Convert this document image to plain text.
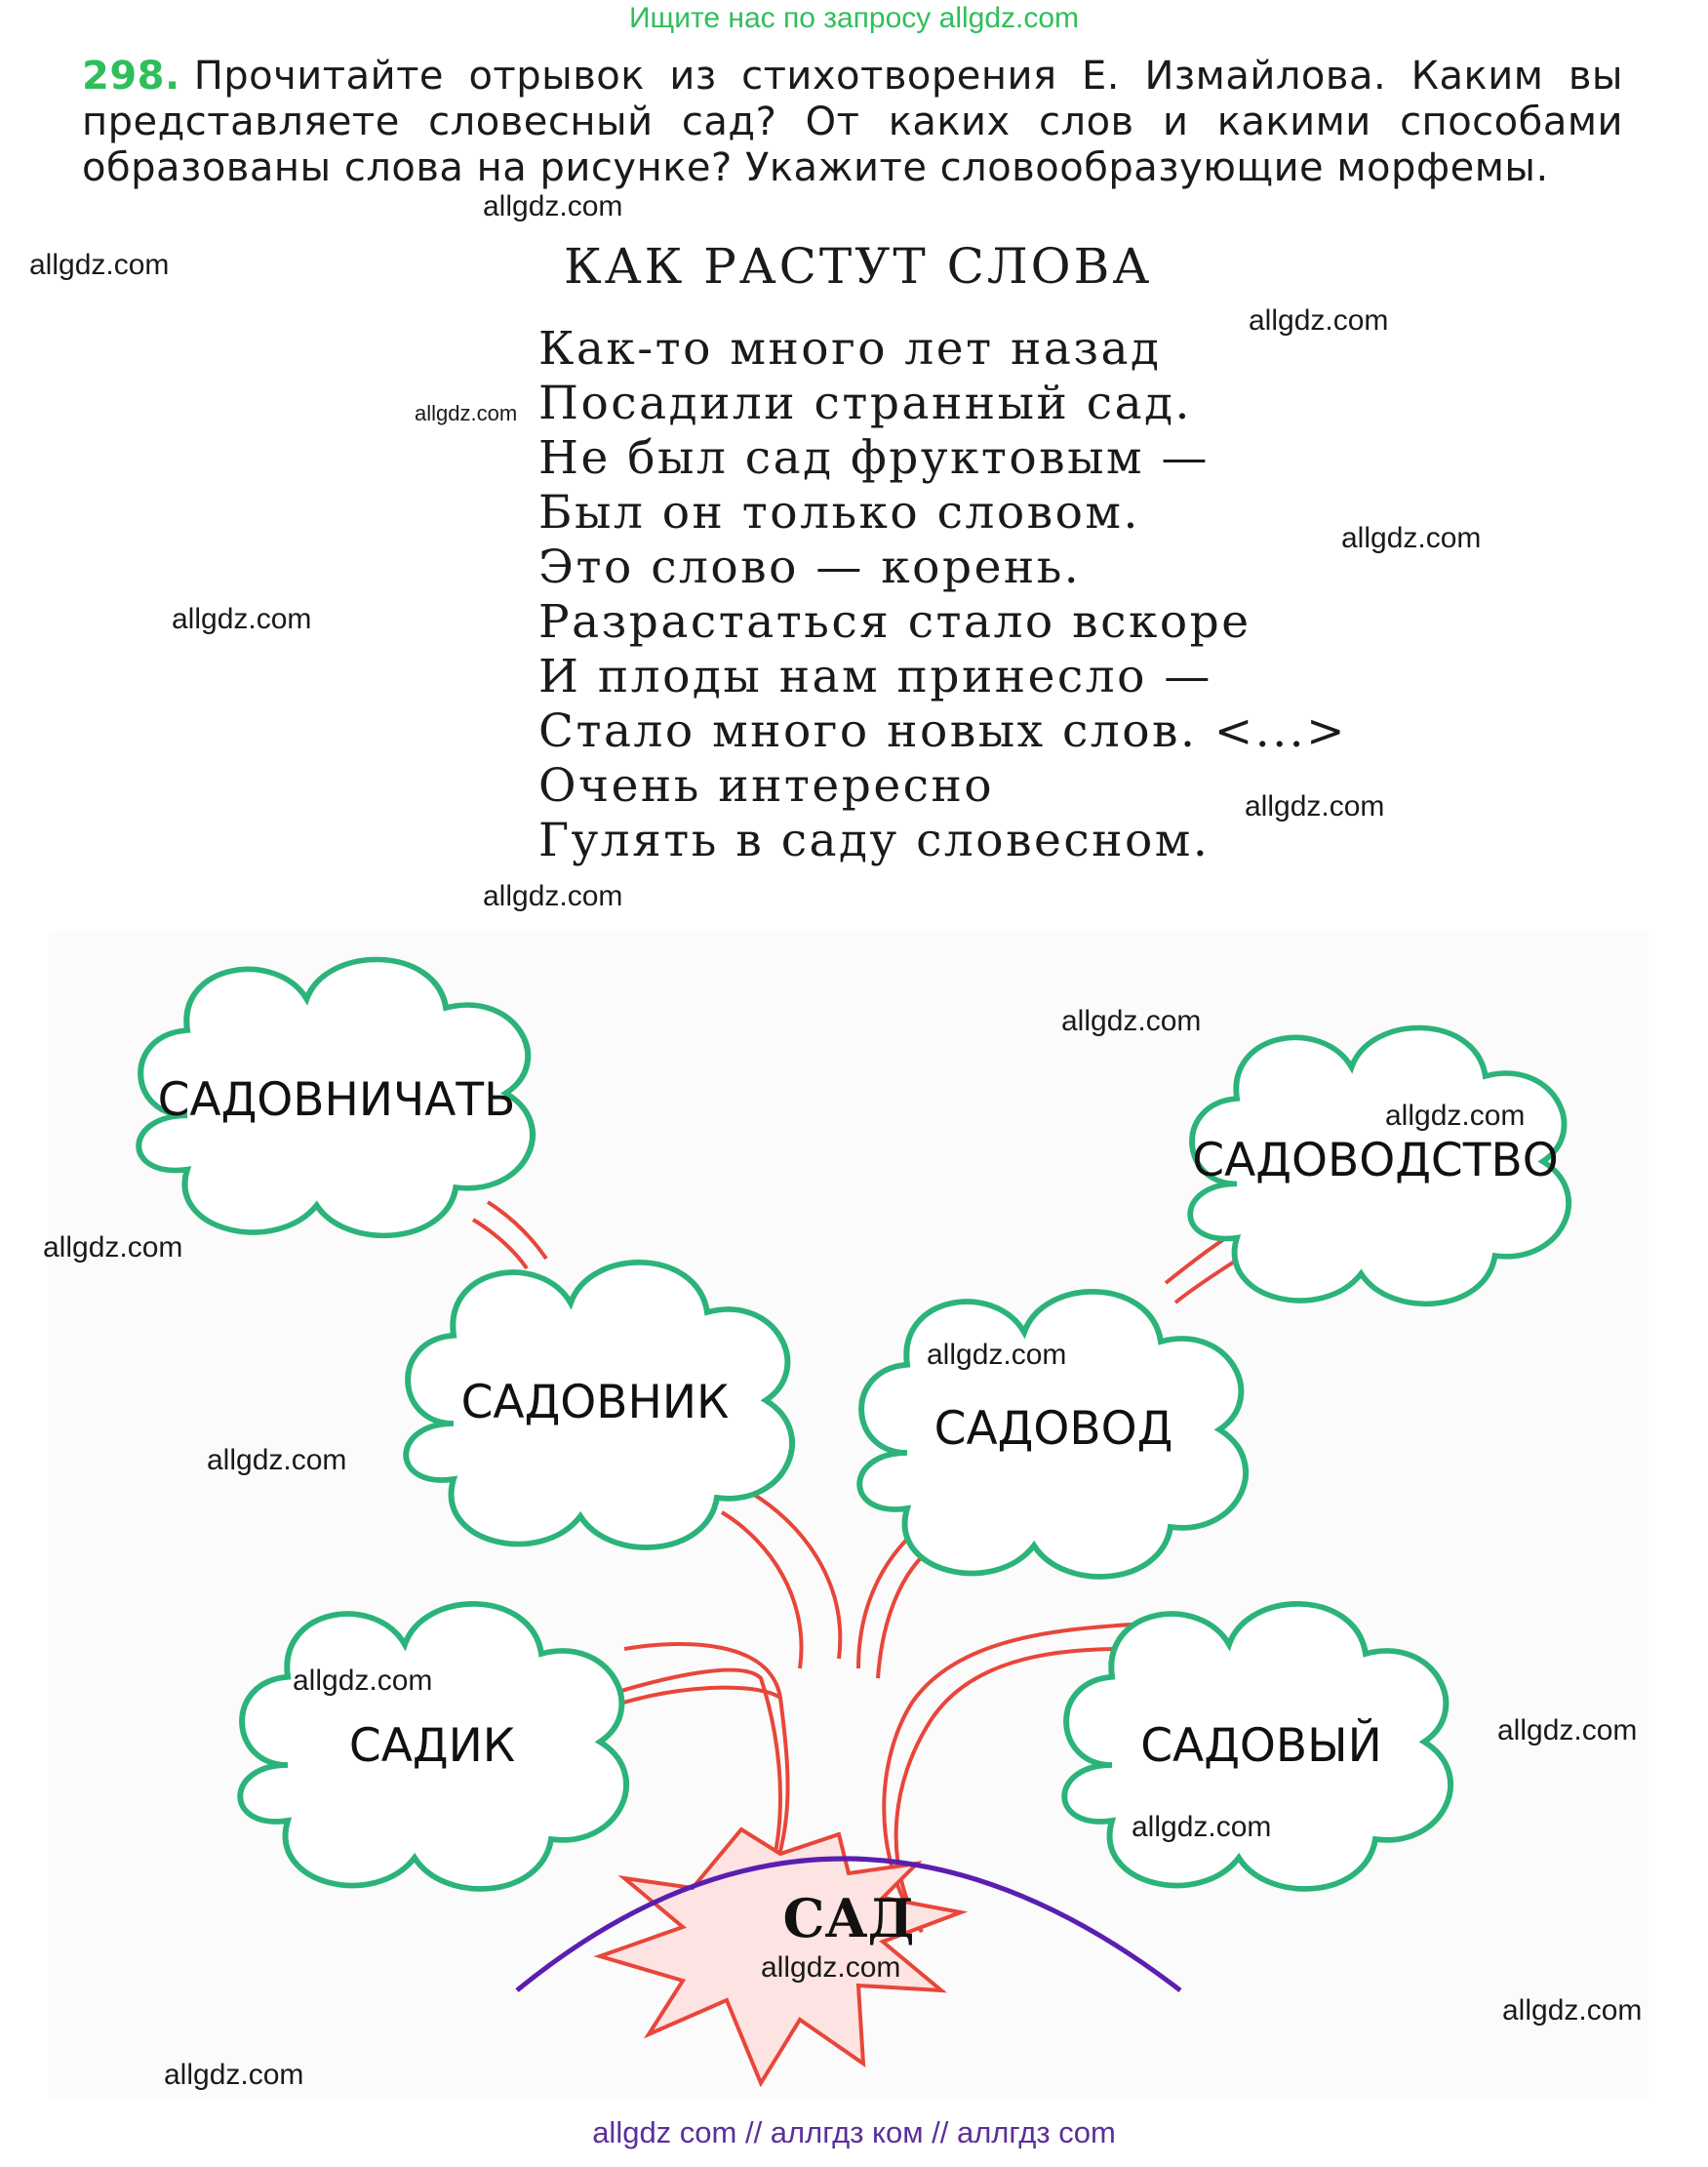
Ищите нас по запросу allgdz.com
298. Прочитайте отрывок из стихотворения Е. Измайлова. Каким вы представляете словесный сад? От каких слов и какими способами образованы слова на рисунке? Укажите словообразующие морфемы.
КАК РАСТУТ СЛОВА
Как-то много лет назад
Посадили странный сад.
Не был сад фруктовым —
Был он только словом.
Это слово — корень.
Разрастаться стало вскоре
И плоды нам принесло —
Стало много новых слов. <...>
Очень интересно
Гулять в саду словесном.
САДОВНИЧАТЬ
САДОВОДСТВО
САДОВНИК	САДОВОД
САДИК	САДОВЫЙ
САД
allgdz.com
allgdz.com
allgdz.com
allgdz.com
allgdz.com
allgdz.com
allgdz.com
allgdz.com
allgdz.com
allgdz.com
allgdz.com
allgdz.com
allgdz.com
allgdz.com
allgdz.com
allgdz.com
allgdz.com
allgdz.com
allgdz.com
allgdz com // аллгдз ком // аллгдз com
